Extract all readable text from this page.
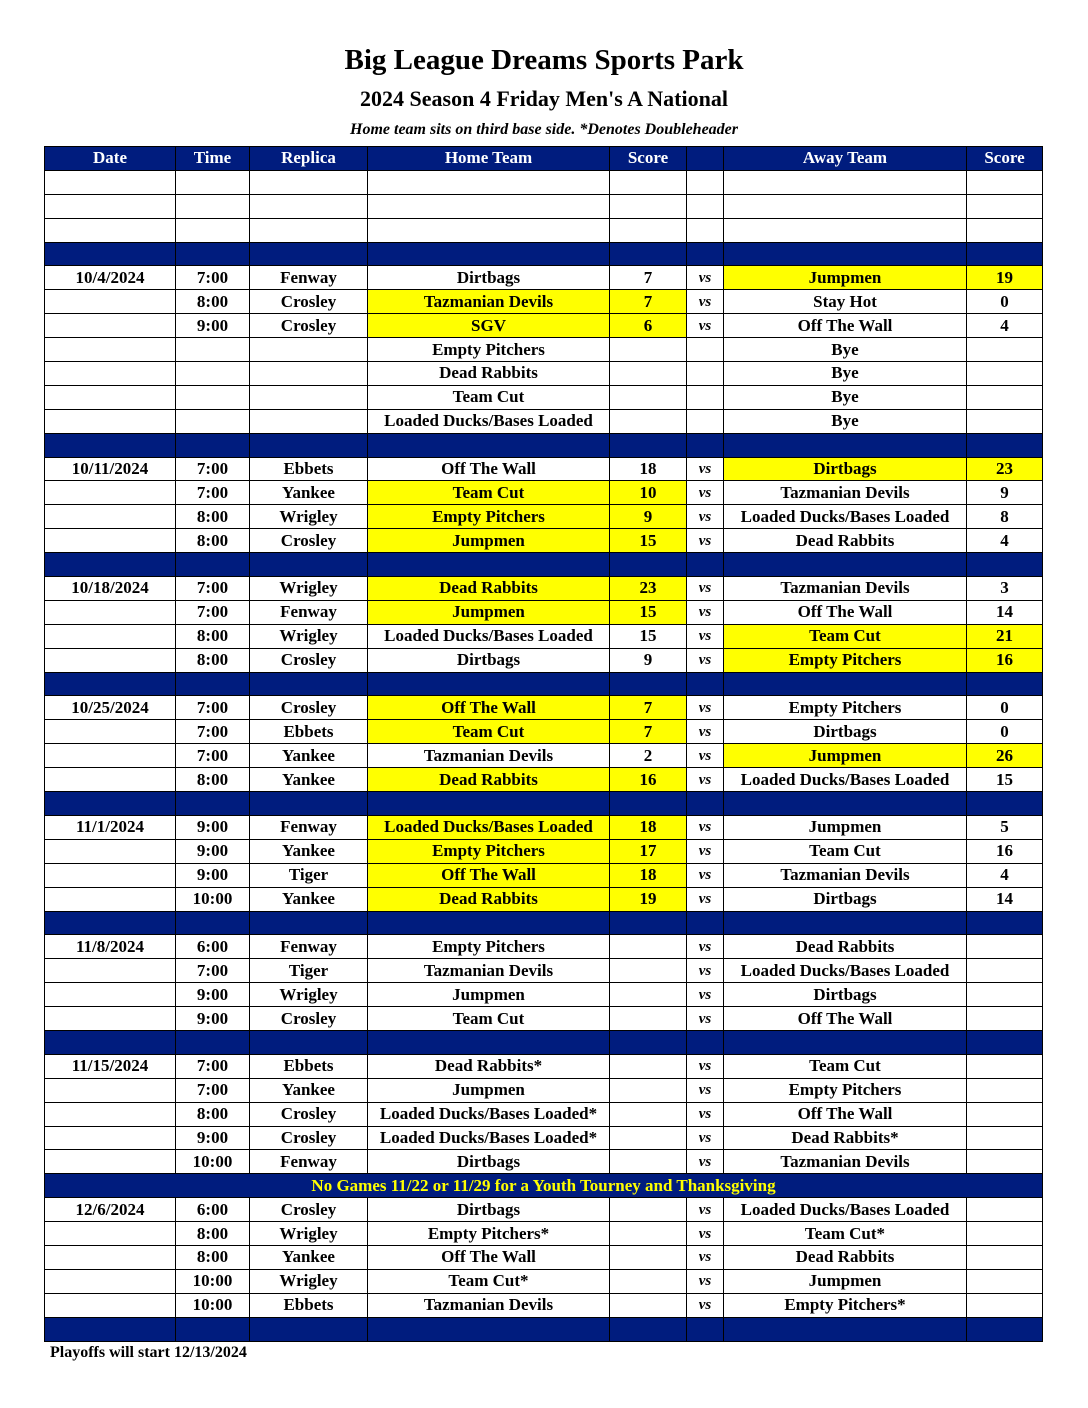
Big League Dreams Sports Park
2024 Season 4 Friday Men's A National
Home team sits on third base side. *Denotes Doubleheader
Date	Time	Replica	Home Team	Score		Away Team	Score

10/4/2024	7:00	Fenway	Dirtbags	7	vs	Jumpmen	19
	8:00	Crosley	Tazmanian Devils	7	vs	Stay Hot	0
	9:00	Crosley	SGV	6	vs	Off The Wall	4
			Empty Pitchers			Bye	
			Dead Rabbits			Bye	
			Team Cut			Bye	
			Loaded Ducks/Bases Loaded			Bye	

10/11/2024	7:00	Ebbets	Off The Wall	18	vs	Dirtbags	23
	7:00	Yankee	Team Cut	10	vs	Tazmanian Devils	9
	8:00	Wrigley	Empty Pitchers	9	vs	Loaded Ducks/Bases Loaded	8
	8:00	Crosley	Jumpmen	15	vs	Dead Rabbits	4

10/18/2024	7:00	Wrigley	Dead Rabbits	23	vs	Tazmanian Devils	3
	7:00	Fenway	Jumpmen	15	vs	Off The Wall	14
	8:00	Wrigley	Loaded Ducks/Bases Loaded	15	vs	Team Cut	21
	8:00	Crosley	Dirtbags	9	vs	Empty Pitchers	16

10/25/2024	7:00	Crosley	Off The Wall	7	vs	Empty Pitchers	0
	7:00	Ebbets	Team Cut	7	vs	Dirtbags	0
	7:00	Yankee	Tazmanian Devils	2	vs	Jumpmen	26
	8:00	Yankee	Dead Rabbits	16	vs	Loaded Ducks/Bases Loaded	15

11/1/2024	9:00	Fenway	Loaded Ducks/Bases Loaded	18	vs	Jumpmen	5
	9:00	Yankee	Empty Pitchers	17	vs	Team Cut	16
	9:00	Tiger	Off The Wall	18	vs	Tazmanian Devils	4
	10:00	Yankee	Dead Rabbits	19	vs	Dirtbags	14

11/8/2024	6:00	Fenway	Empty Pitchers		vs	Dead Rabbits	
	7:00	Tiger	Tazmanian Devils		vs	Loaded Ducks/Bases Loaded	
	9:00	Wrigley	Jumpmen		vs	Dirtbags	
	9:00	Crosley	Team Cut		vs	Off The Wall	

11/15/2024	7:00	Ebbets	Dead Rabbits*		vs	Team Cut	
	7:00	Yankee	Jumpmen		vs	Empty Pitchers	
	8:00	Crosley	Loaded Ducks/Bases Loaded*		vs	Off The Wall	
	9:00	Crosley	Loaded Ducks/Bases Loaded*		vs	Dead Rabbits*	
	10:00	Fenway	Dirtbags		vs	Tazmanian Devils	
No Games 11/22 or 11/29 for a Youth Tourney and Thanksgiving							
12/6/2024	6:00	Crosley	Dirtbags		vs	Loaded Ducks/Bases Loaded	
	8:00	Wrigley	Empty Pitchers*		vs	Team Cut*	
	8:00	Yankee	Off The Wall		vs	Dead Rabbits	
	10:00	Wrigley	Team Cut*		vs	Jumpmen	
	10:00	Ebbets	Tazmanian Devils		vs	Empty Pitchers*	

Playoffs will start 12/13/2024
